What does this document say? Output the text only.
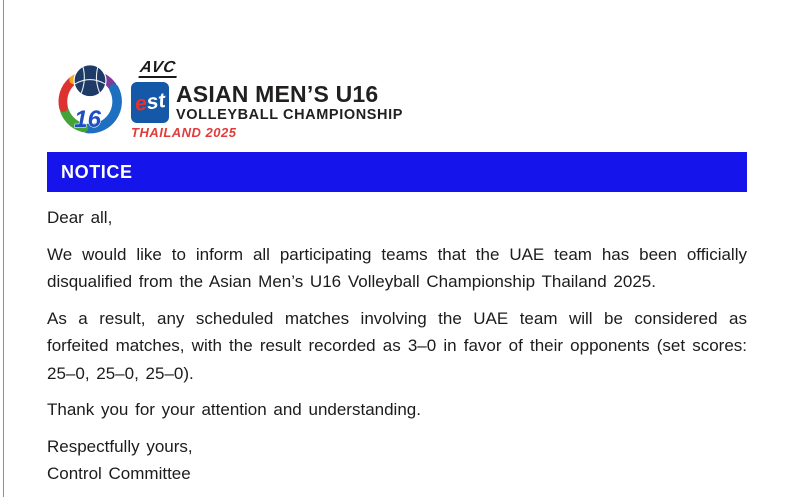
16
AVC
est ASIAN MEN’S U16
VOLLEYBALL CHAMPIONSHIP
THAILAND 2025
NOTICE

Dear all,

We would like to inform all participating teams that the UAE team has been officially disqualified from the Asian Men’s U16 Volleyball Championship Thailand 2025.

As a result, any scheduled matches involving the UAE team will be considered as forfeited matches, with the result recorded as 3–0 in favor of their opponents (set scores: 25–0, 25–0, 25–0).

Thank you for your attention and understanding.

Respectfully yours,

Control Committee
